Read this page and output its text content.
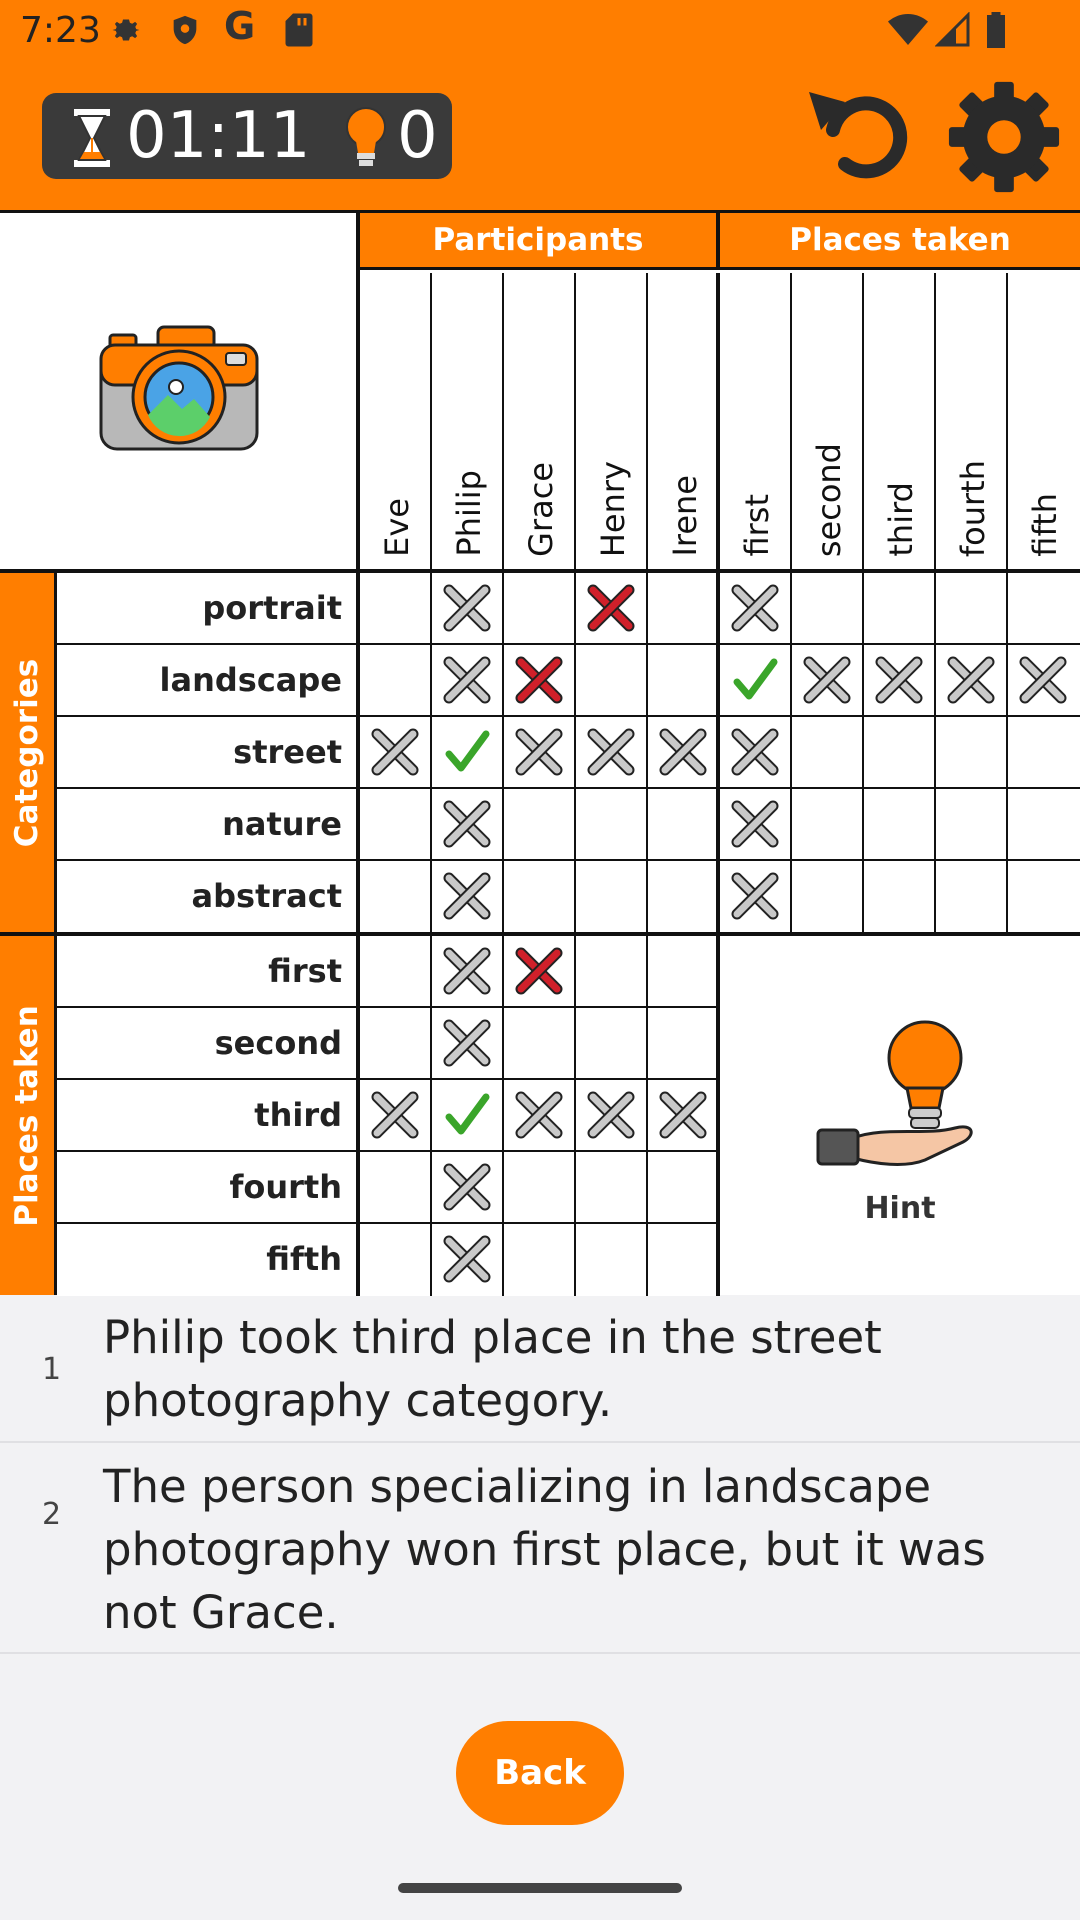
7:23	G
01:11 0
Participants	Places taken
Eve Philip Grace Henry Irene first second third fourth fifth
Categories
Places taken
portrait
landscape
street
nature
abstract
first
second
third
fourth
fifth
Hint
1
Philip took third place in the street photography category.
2
The person specializing in landscape photography won first place, but it was not Grace.
Back
